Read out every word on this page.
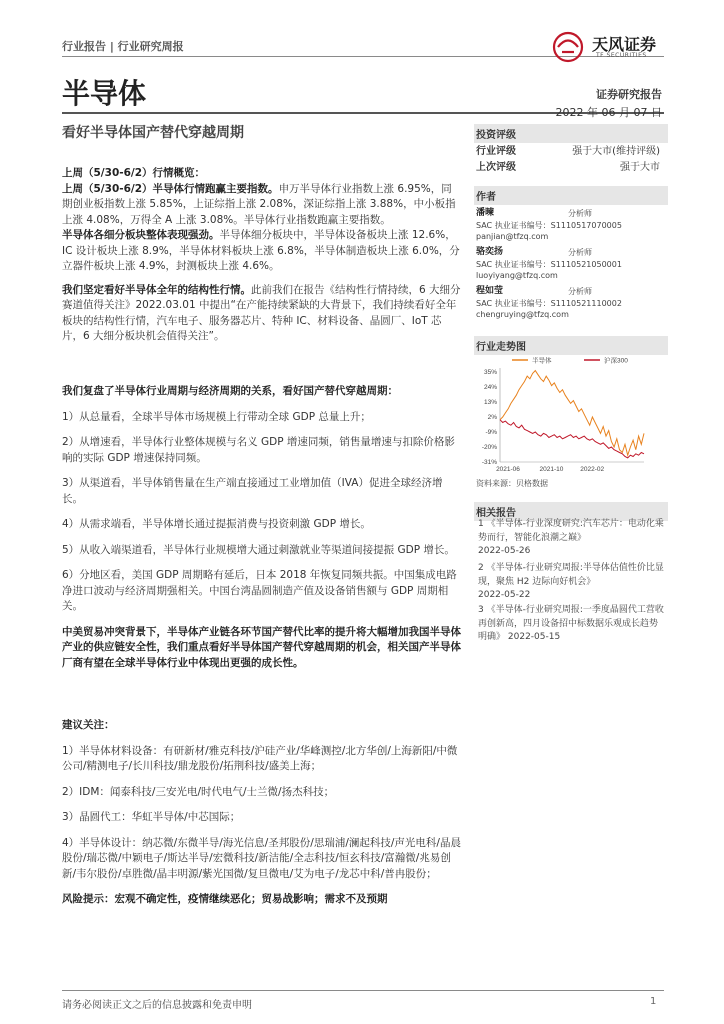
行业报告 | 行业研究周报	天风证券
TF SECURITIES
半导体
看好半导体国产替代穿越周期
证券研究报告
2022 年 06 月 07 日

上周（5/30-6/2）行情概览：

上周（5/30-6/2）半导体行情跑赢主要指数。申万半导体行业指数上涨 6.95%，同期创业板指数上涨 5.85%，上证综指上涨 2.08%，深证综指上涨 3.88%，中小板指上涨 4.08%，万得全 A 上涨 3.08%。半导体行业指数跑赢主要指数。

半导体各细分板块整体表现强劲。半导体细分板块中，半导体设备板块上涨 12.6%，IC 设计板块上涨 8.9%，半导体材料板块上涨 6.8%，半导体制造板块上涨 6.0%，分立器件板块上涨 4.9%，封测板块上涨 4.6%。

我们坚定看好半导体全年的结构性行情。此前我们在报告《结构性行情持续，6 大细分赛道值得关注》2022.03.01 中提出“在产能持续紧缺的大背景下，我们持续看好全年板块的结构性行情，汽车电子、服务器芯片、特种 IC、材料设备、晶圆厂、IoT 芯片，6 大细分板块机会值得关注”。

我们复盘了半导体行业周期与经济周期的关系，看好国产替代穿越周期：

1）从总量看，全球半导体市场规模上行带动全球 GDP 总量上升；

2）从增速看，半导体行业整体规模与名义 GDP 增速同频，销售量增速与扣除价格影响的实际 GDP 增速保持同频。

3）从渠道看，半导体销售量在生产端直接通过工业增加值（IVA）促进全球经济增长。

4）从需求端看，半导体增长通过提振消费与投资刺激 GDP 增长。

5）从收入端渠道看，半导体行业规模增大通过刺激就业等渠道间接提振 GDP 增长。

6）分地区看，美国 GDP 周期略有延后，日本 2018 年恢复同频共振。中国集成电路净进口波动与经济周期强相关。中国台湾晶圆制造产值及设备销售额与 GDP 周期相关。

中美贸易冲突背景下，半导体产业链各环节国产替代比率的提升将大幅增加我国半导体产业的供应链安全性，我们重点看好半导体国产替代穿越周期的机会，相关国产半导体厂商有望在全球半导体行业中体现出更强的成长性。

建议关注：

1）半导体材料设备：有研新材/雅克科技/沪硅产业/华峰测控/北方华创/上海新阳/中微公司/精测电子/长川科技/鼎龙股份/拓荆科技/盛美上海；

2）IDM：闻泰科技/三安光电/时代电气/士兰微/扬杰科技；

3）晶圆代工：华虹半导体/中芯国际；

4）半导体设计：纳芯微/东微半导/海光信息/圣邦股份/思瑞浦/澜起科技/声光电科/晶晨股份/瑞芯微/中颖电子/斯达半导/宏微科技/新洁能/全志科技/恒玄科技/富瀚微/兆易创新/韦尔股份/卓胜微/晶丰明源/紫光国微/复旦微电/艾为电子/龙芯中科/普冉股份；

风险提示：宏观不确定性，疫情继续恶化；贸易战影响；需求不及预期

投资评级
行业评级	强于大市(维持评级)
上次评级	强于大市
作者
潘暕	分析师
SAC 执业证书编号：S1110517070005
panjian@tfzq.com
骆奕扬	分析师
SAC 执业证书编号：S1110521050001
luoyiyang@tfzq.com
程如莹	分析师
SAC 执业证书编号：S1110521110002
chengruying@tfzq.com
行业走势图
半导体	沪深300
35%
24%
13%
2%
-9%
-20%
-31%
2021-06	2021-10	2022-02
资料来源：贝格数据
相关报告
1 《半导体-行业深度研究:汽车芯片：电动化乘势而行，智能化浪潮之巅》
2022-05-26
2 《半导体-行业研究周报:半导体估值性价比显现，聚焦 H2 边际向好机会》
2022-05-22
3 《半导体-行业研究周报:一季度晶圆代工营收再创新高，四月设备招中标数据乐观成长趋势明确》 2022-05-15
请务必阅读正文之后的信息披露和免责申明	1
